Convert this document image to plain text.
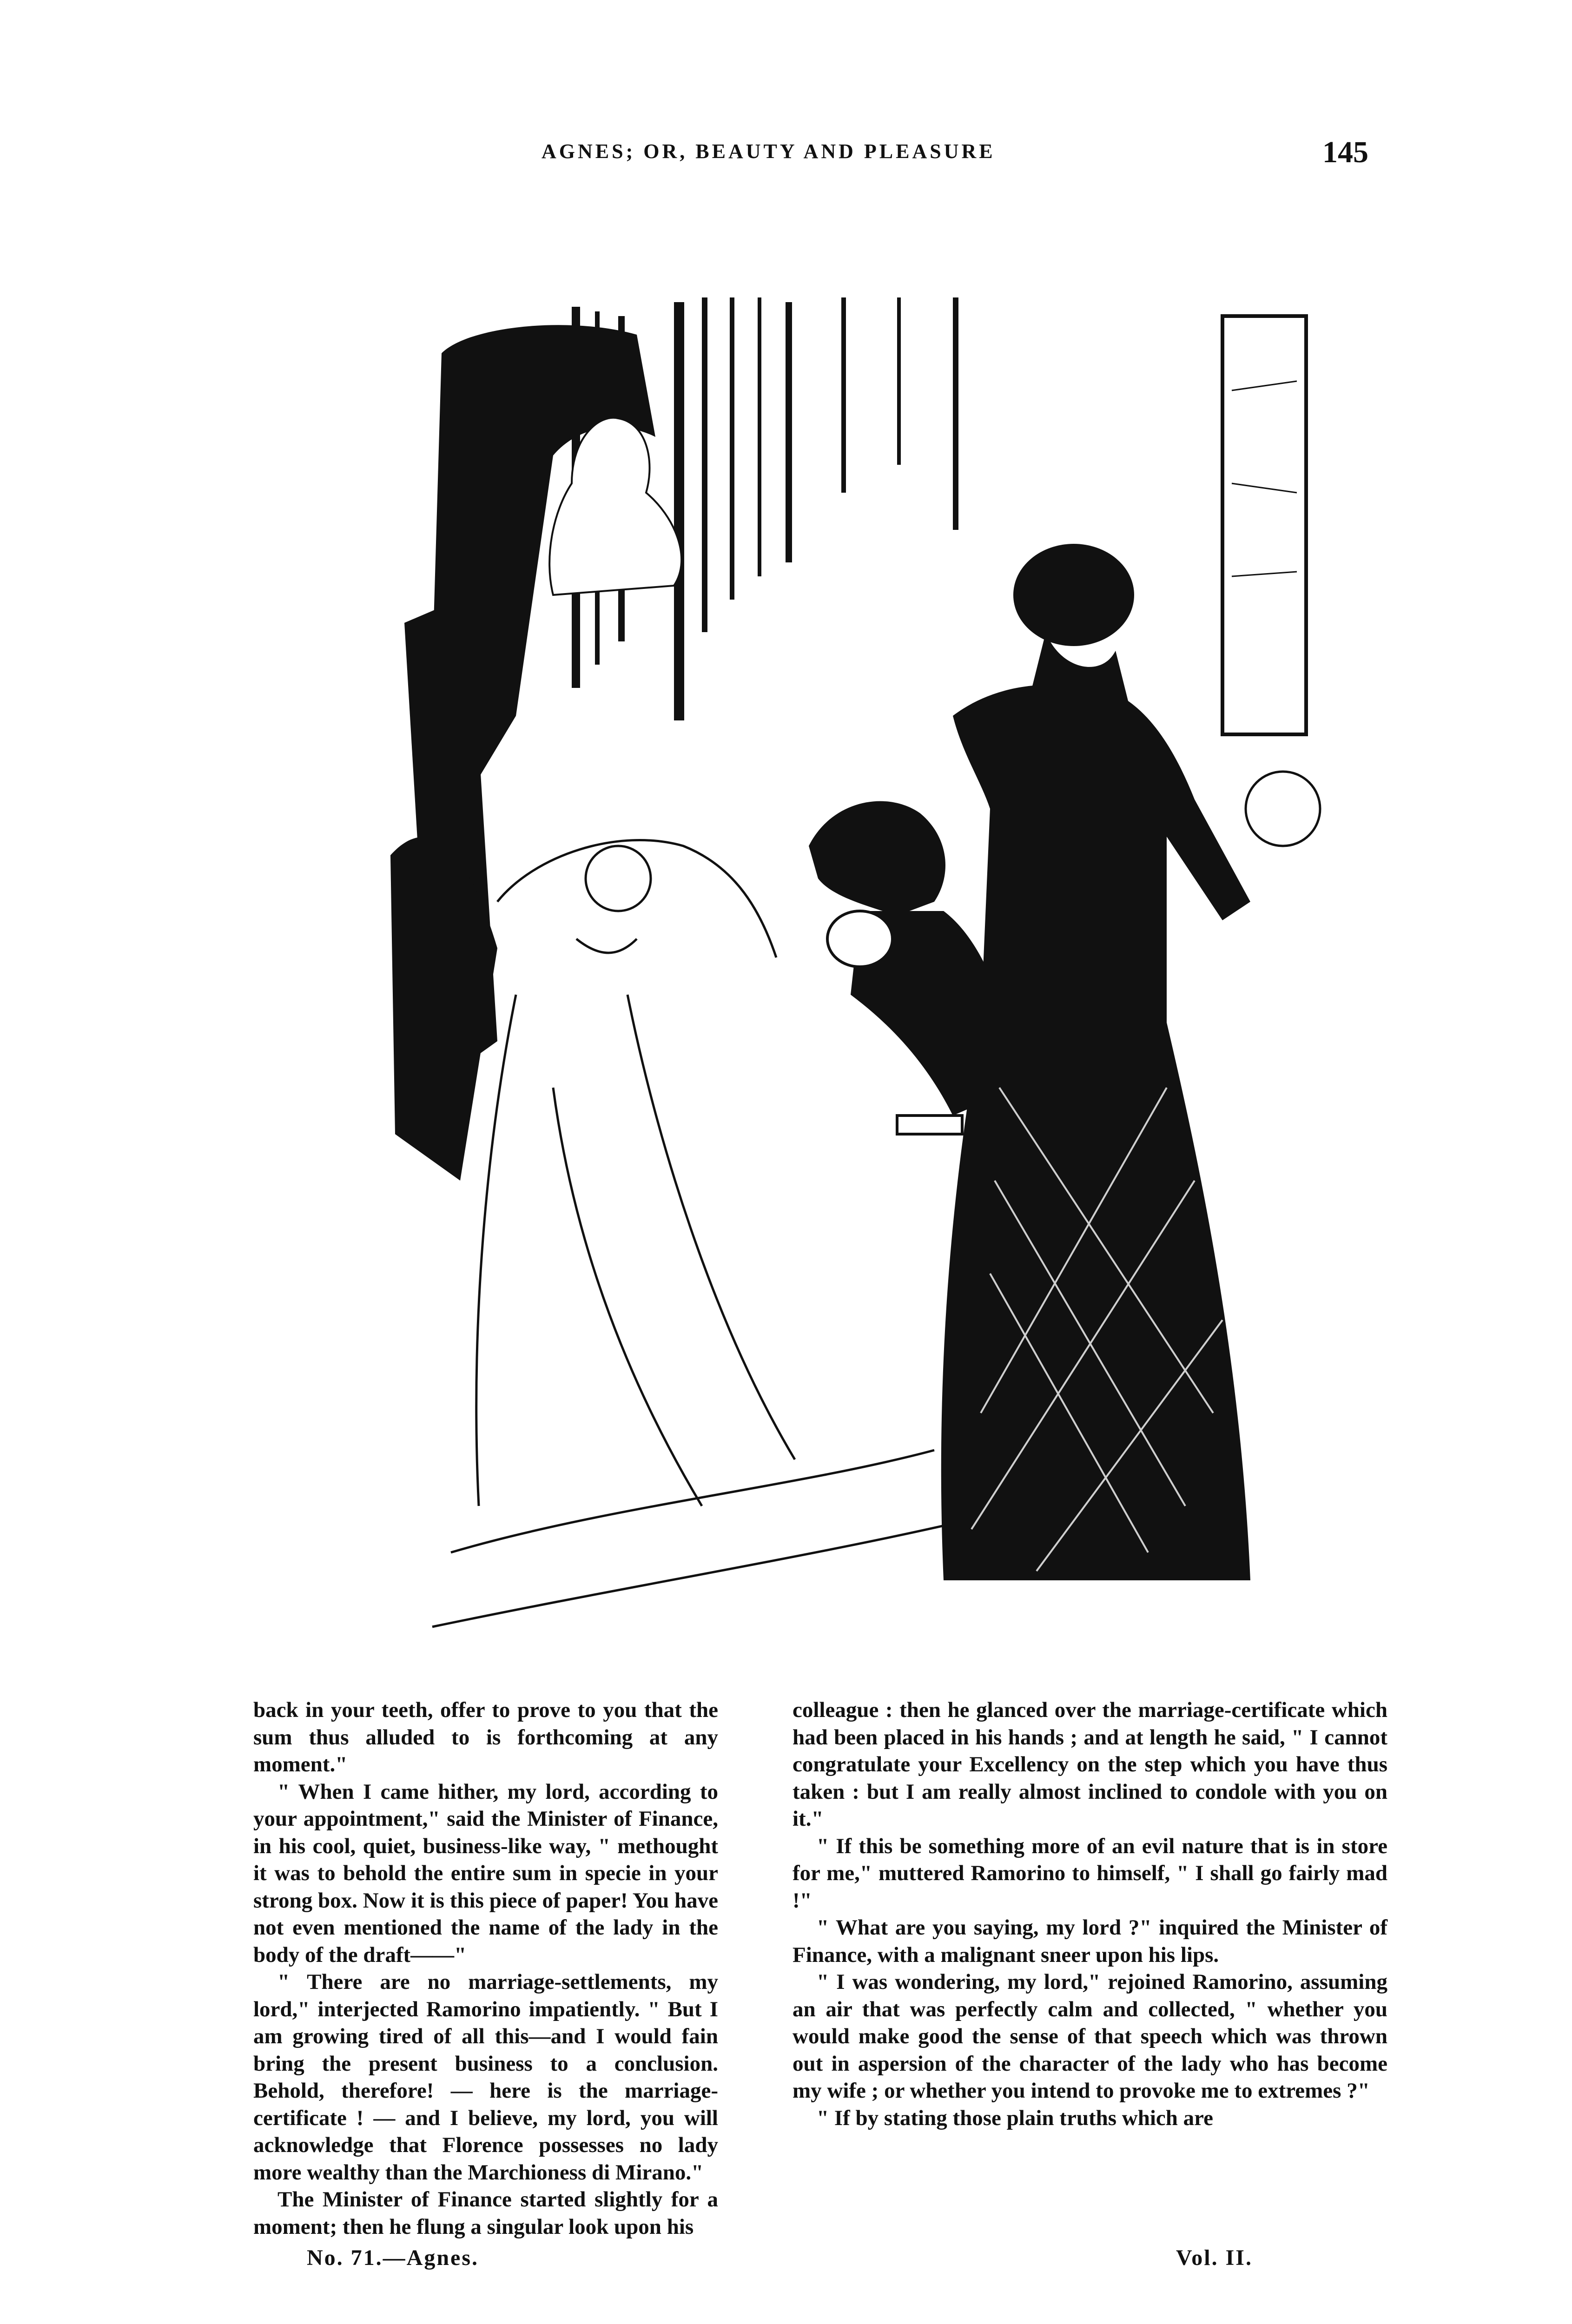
AGNES; OR, BEAUTY AND PLEASURE	145

back in your teeth, offer to prove to you that the sum thus alluded to is forthcoming at any moment."

" When I came hither, my lord, according to your appointment," said the Minister of Finance, in his cool, quiet, business-like way, " methought it was to behold the entire sum in specie in your strong box. Now it is this piece of paper! You have not even mentioned the name of the lady in the body of the draft——"

" There are no marriage-settlements, my lord," interjected Ramorino impatiently. " But I am growing tired of all this—and I would fain bring the present business to a conclusion. Behold, therefore! — here is the marriage-certificate ! — and I believe, my lord, you will acknowledge that Florence possesses no lady more wealthy than the Marchioness di Mirano."

The Minister of Finance started slightly for a moment; then he flung a singular look upon his

colleague : then he glanced over the marriage-certificate which had been placed in his hands ; and at length he said, " I cannot congratulate your Excellency on the step which you have thus taken : but I am really almost inclined to condole with you on it."

" If this be something more of an evil nature that is in store for me," muttered Ramorino to himself, " I shall go fairly mad !"

" What are you saying, my lord ?" inquired the Minister of Finance, with a malignant sneer upon his lips.

" I was wondering, my lord," rejoined Ramorino, assuming an air that was perfectly calm and collected, " whether you would make good the sense of that speech which was thrown out in aspersion of the character of the lady who has become my wife ; or whether you intend to provoke me to extremes ?"

" If by stating those plain truths which are

No. 71.—Agnes.	Vol. II.
